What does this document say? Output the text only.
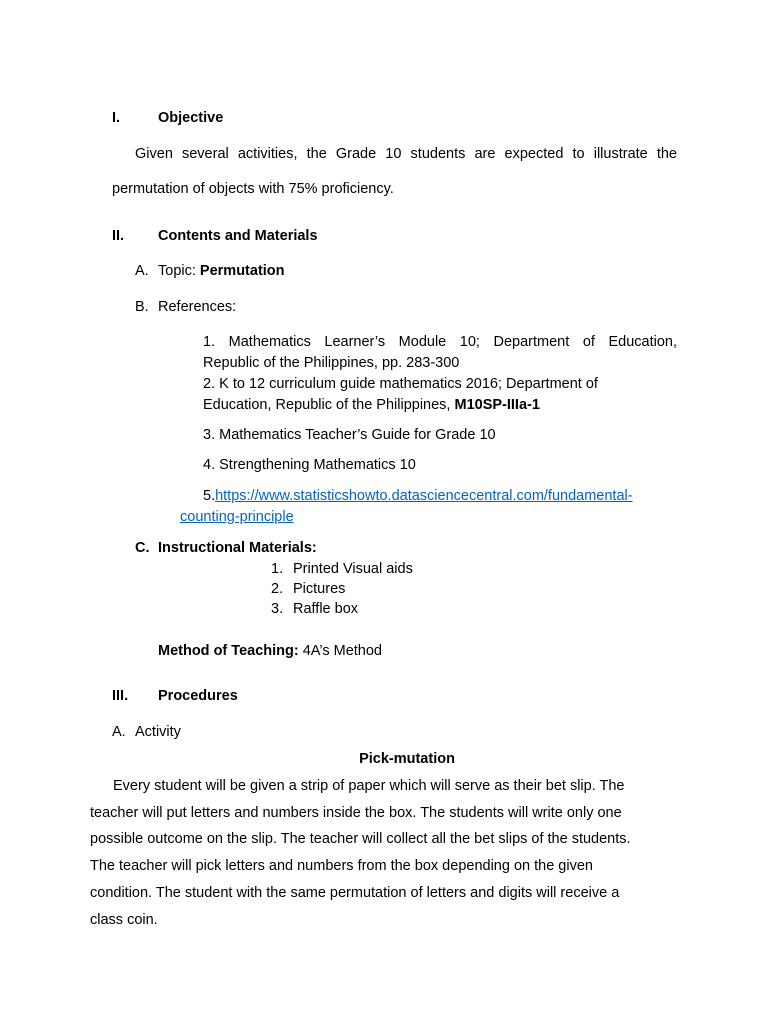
I.	Objective
Given several activities, the Grade 10 students are expected to illustrate the
permutation of objects with 75% proficiency.
II. Contents and Materials
A. Topic: Permutation
B. References:
1. Mathematics Learner’s Module 10; Department of Education,
Republic of the Philippines, pp. 283-300
2. K to 12 curriculum guide mathematics 2016; Department of
Education, Republic of the Philippines, M10SP-IIIa-1
3. Mathematics Teacher’s Guide for Grade 10
4. Strengthening Mathematics 10
5.https://www.statisticshowto.datasciencecentral.com/fundamental-
counting-principle
C. Instructional Materials:
1. Printed Visual aids
2. Pictures
3. Raffle box
Method of Teaching: 4A’s Method
III. Procedures
A. Activity
Pick-mutation
Every student will be given a strip of paper which will serve as their bet slip. The
teacher will put letters and numbers inside the box. The students will write only one
possible outcome on the slip. The teacher will collect all the bet slips of the students.
The teacher will pick letters and numbers from the box depending on the given
condition. The student with the same permutation of letters and digits will receive a
class coin.
